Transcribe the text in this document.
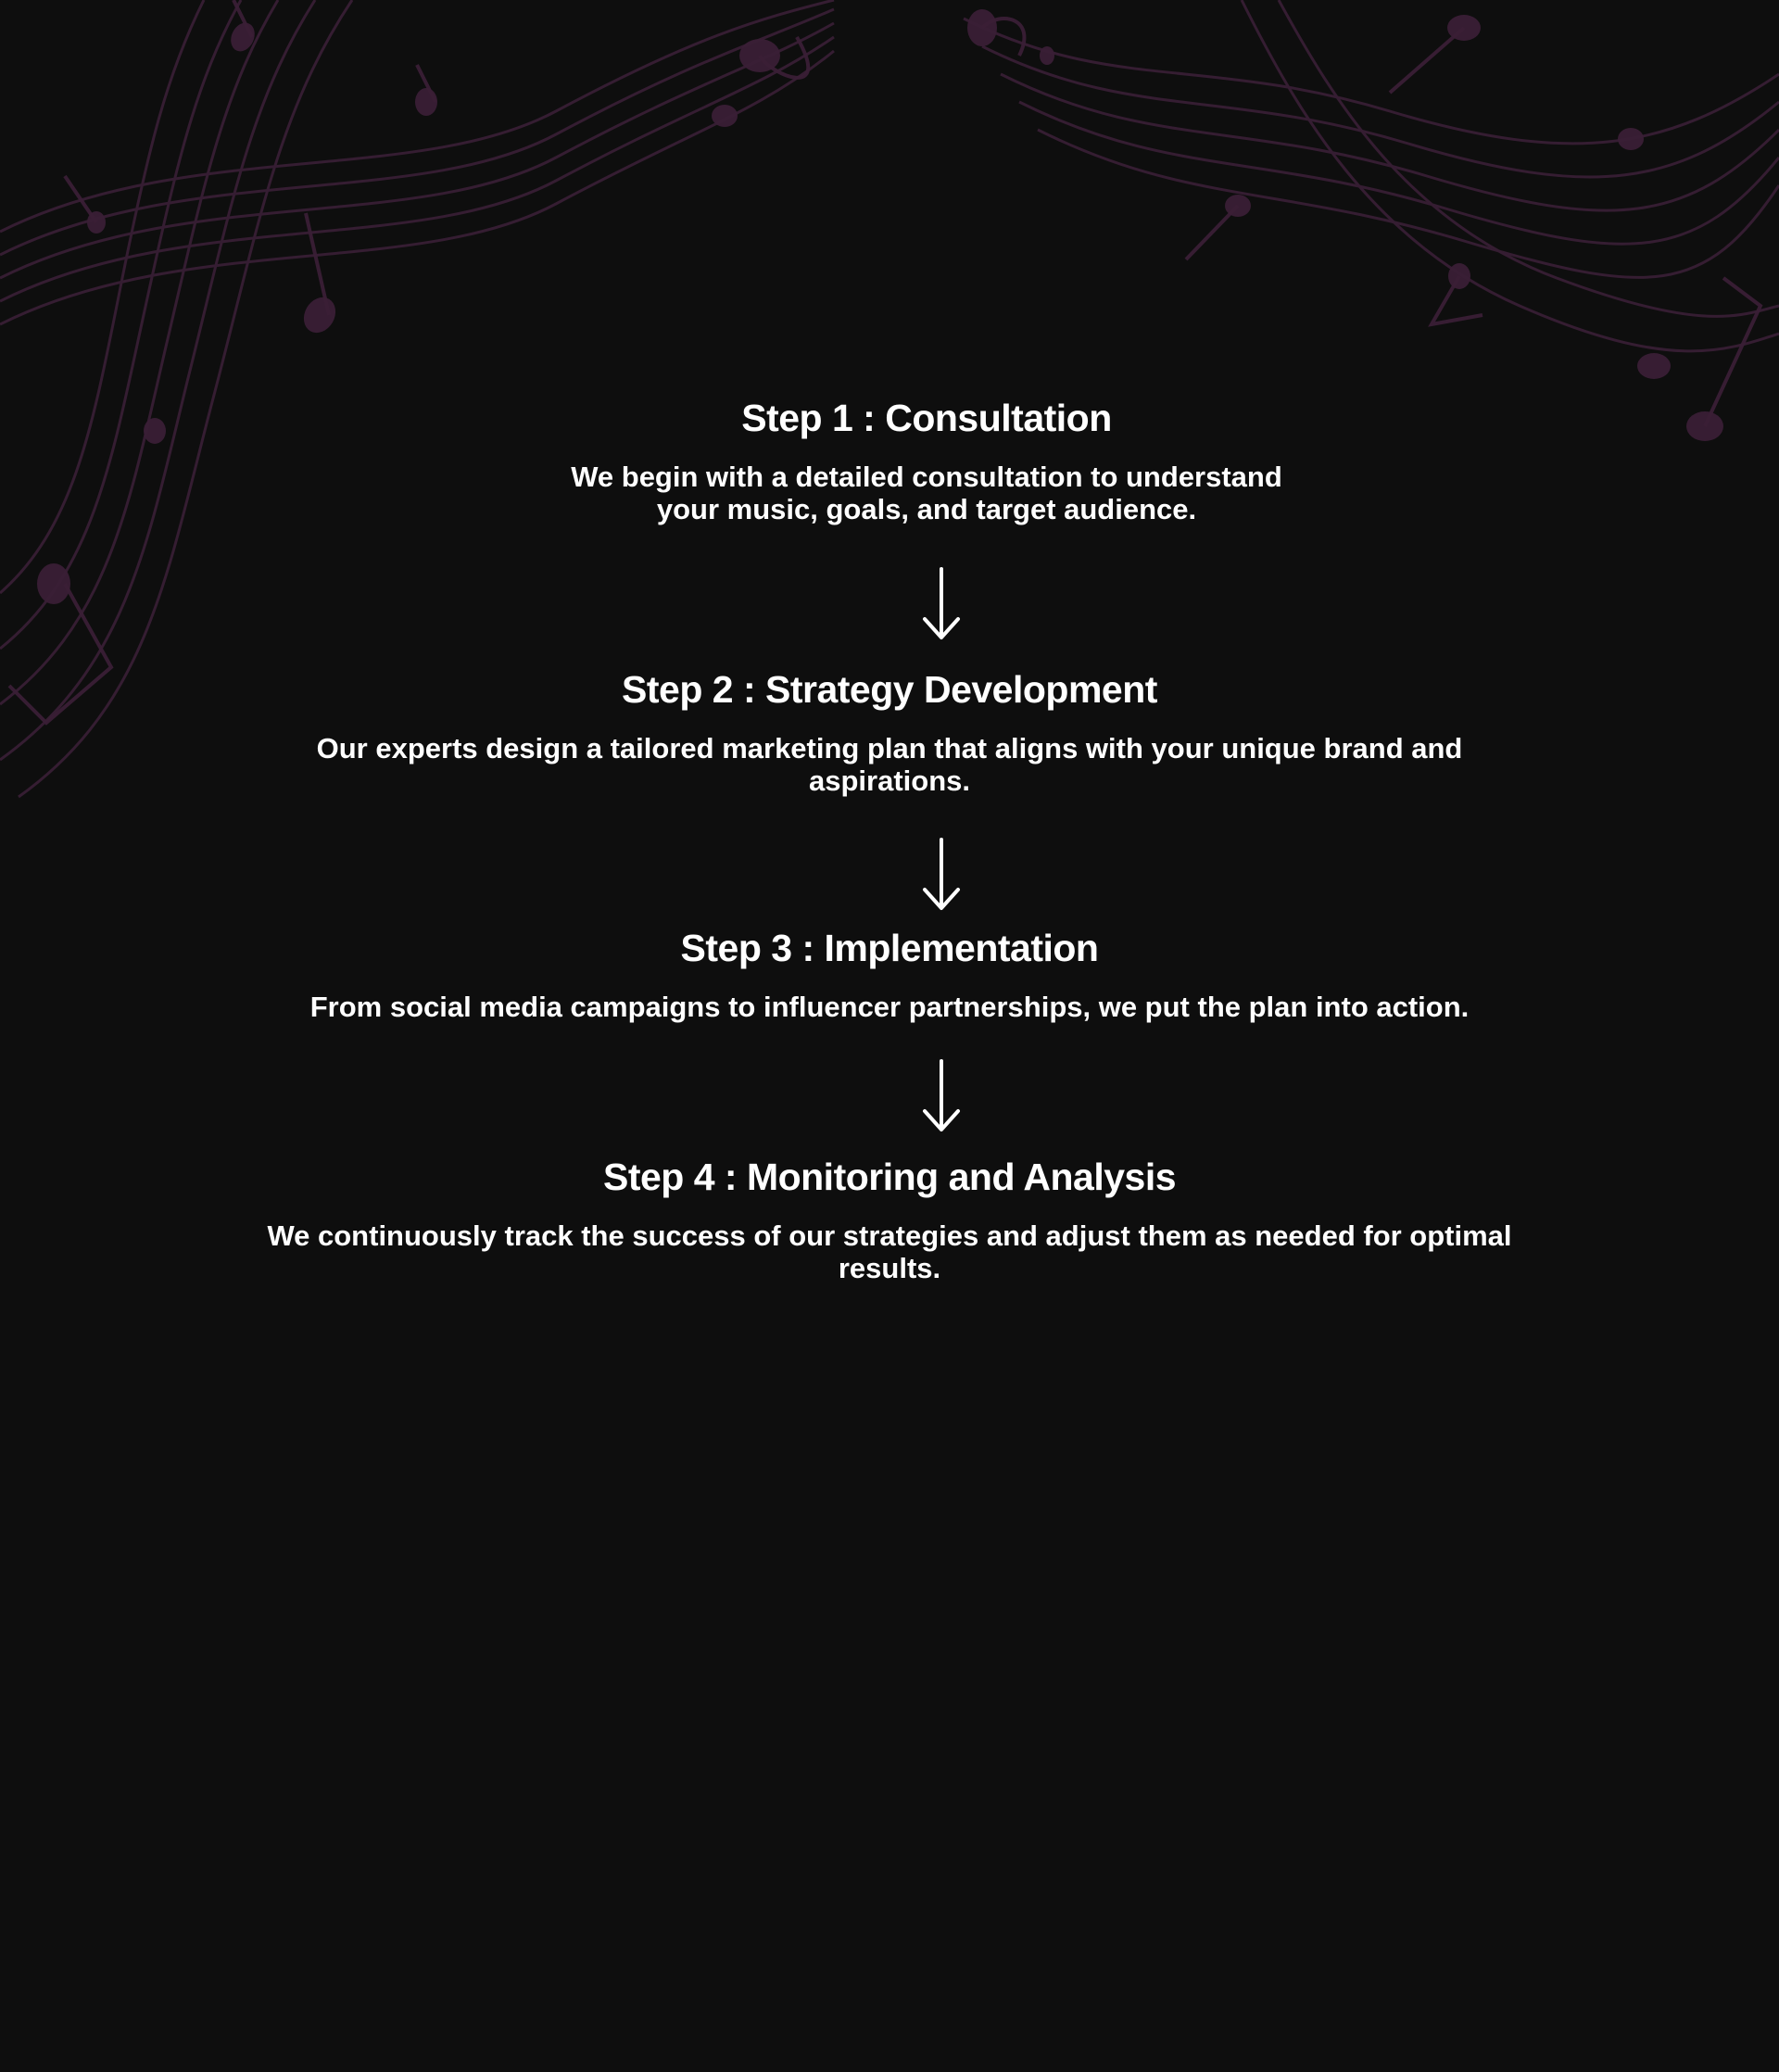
Step 1 : Consultation

We begin with a detailed consultation to understand
your music, goals, and target audience.

Step 2 : Strategy Development

Our experts design a tailored marketing plan that aligns with your unique brand and
aspirations.

Step 3 : Implementation

From social media campaigns to influencer partnerships, we put the plan into action.

Step 4 : Monitoring and Analysis

We continuously track the success of our strategies and adjust them as needed for optimal
results.
